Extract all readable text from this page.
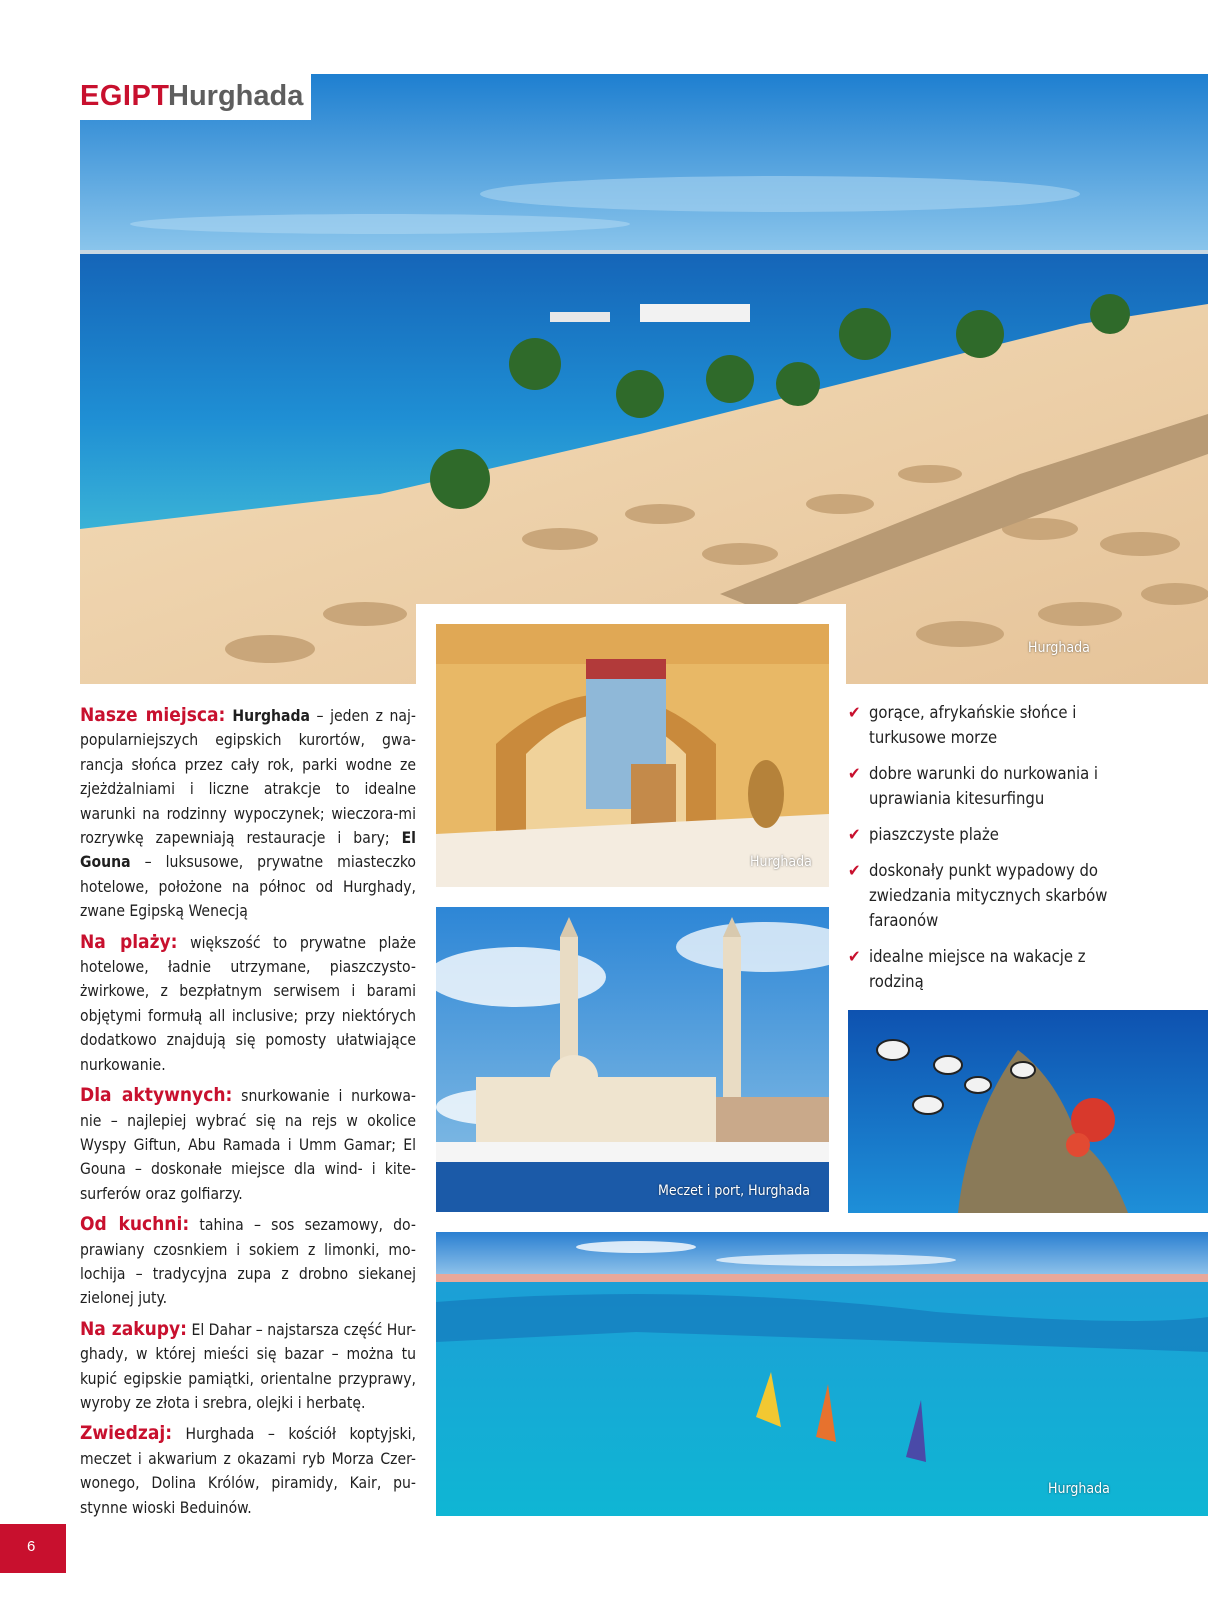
Hurghada
EGIPT
Hurghada
Hurghada
Meczet i port, Hurghada
Hurghada

Nasze miejsca: Hurghada – jeden z naj-popularniejszych egipskich kurortów, gwa-rancja słońca przez cały rok, parki wodne ze zjeżdżalniami i liczne atrakcje to idealne warunki na rodzinny wypoczynek; wieczora-mi rozrywkę zapewniają restauracje i bary; El Gouna – luksusowe, prywatne miasteczko hotelowe, położone na północ od Hurghady, zwane Egipską Wenecją

Na plaży: większość to prywatne plaże hotelowe, ładnie utrzymane, piaszczysto-żwirkowe, z bezpłatnym serwisem i barami objętymi formułą all inclusive; przy niektórych dodatkowo znajdują się pomosty ułatwiające nurkowanie.

Dla aktywnych: snurkowanie i nurkowa-nie – najlepiej wybrać się na rejs w okolice Wyspy Giftun, Abu Ramada i Umm Gamar; El Gouna – doskonałe miejsce dla wind- i kite-surferów oraz golfiarzy.

Od kuchni: tahina – sos sezamowy, do-prawiany czosnkiem i sokiem z limonki, mo-lochija – tradycyjna zupa z drobno siekanej zielonej juty.

Na zakupy: El Dahar – najstarsza część Hur-ghady, w której mieści się bazar – można tu kupić egipskie pamiątki, orientalne przyprawy, wyroby ze złota i srebra, olejki i herbatę.

Zwiedzaj: Hurghada – kościół koptyjski, meczet i akwarium z okazami ryb Morza Czer-wonego, Dolina Królów, piramidy, Kair, pu-stynne wioski Beduinów.

✔ gorące, afrykańskie słońce i turkusowe morze
✔ dobre warunki do nurkowania i uprawiania kitesurfingu
✔ piaszczyste plaże
✔ doskonały punkt wypadowy do zwiedzania mitycznych skarbów faraonów
✔ idealne miejsce na wakacje z rodziną
6
